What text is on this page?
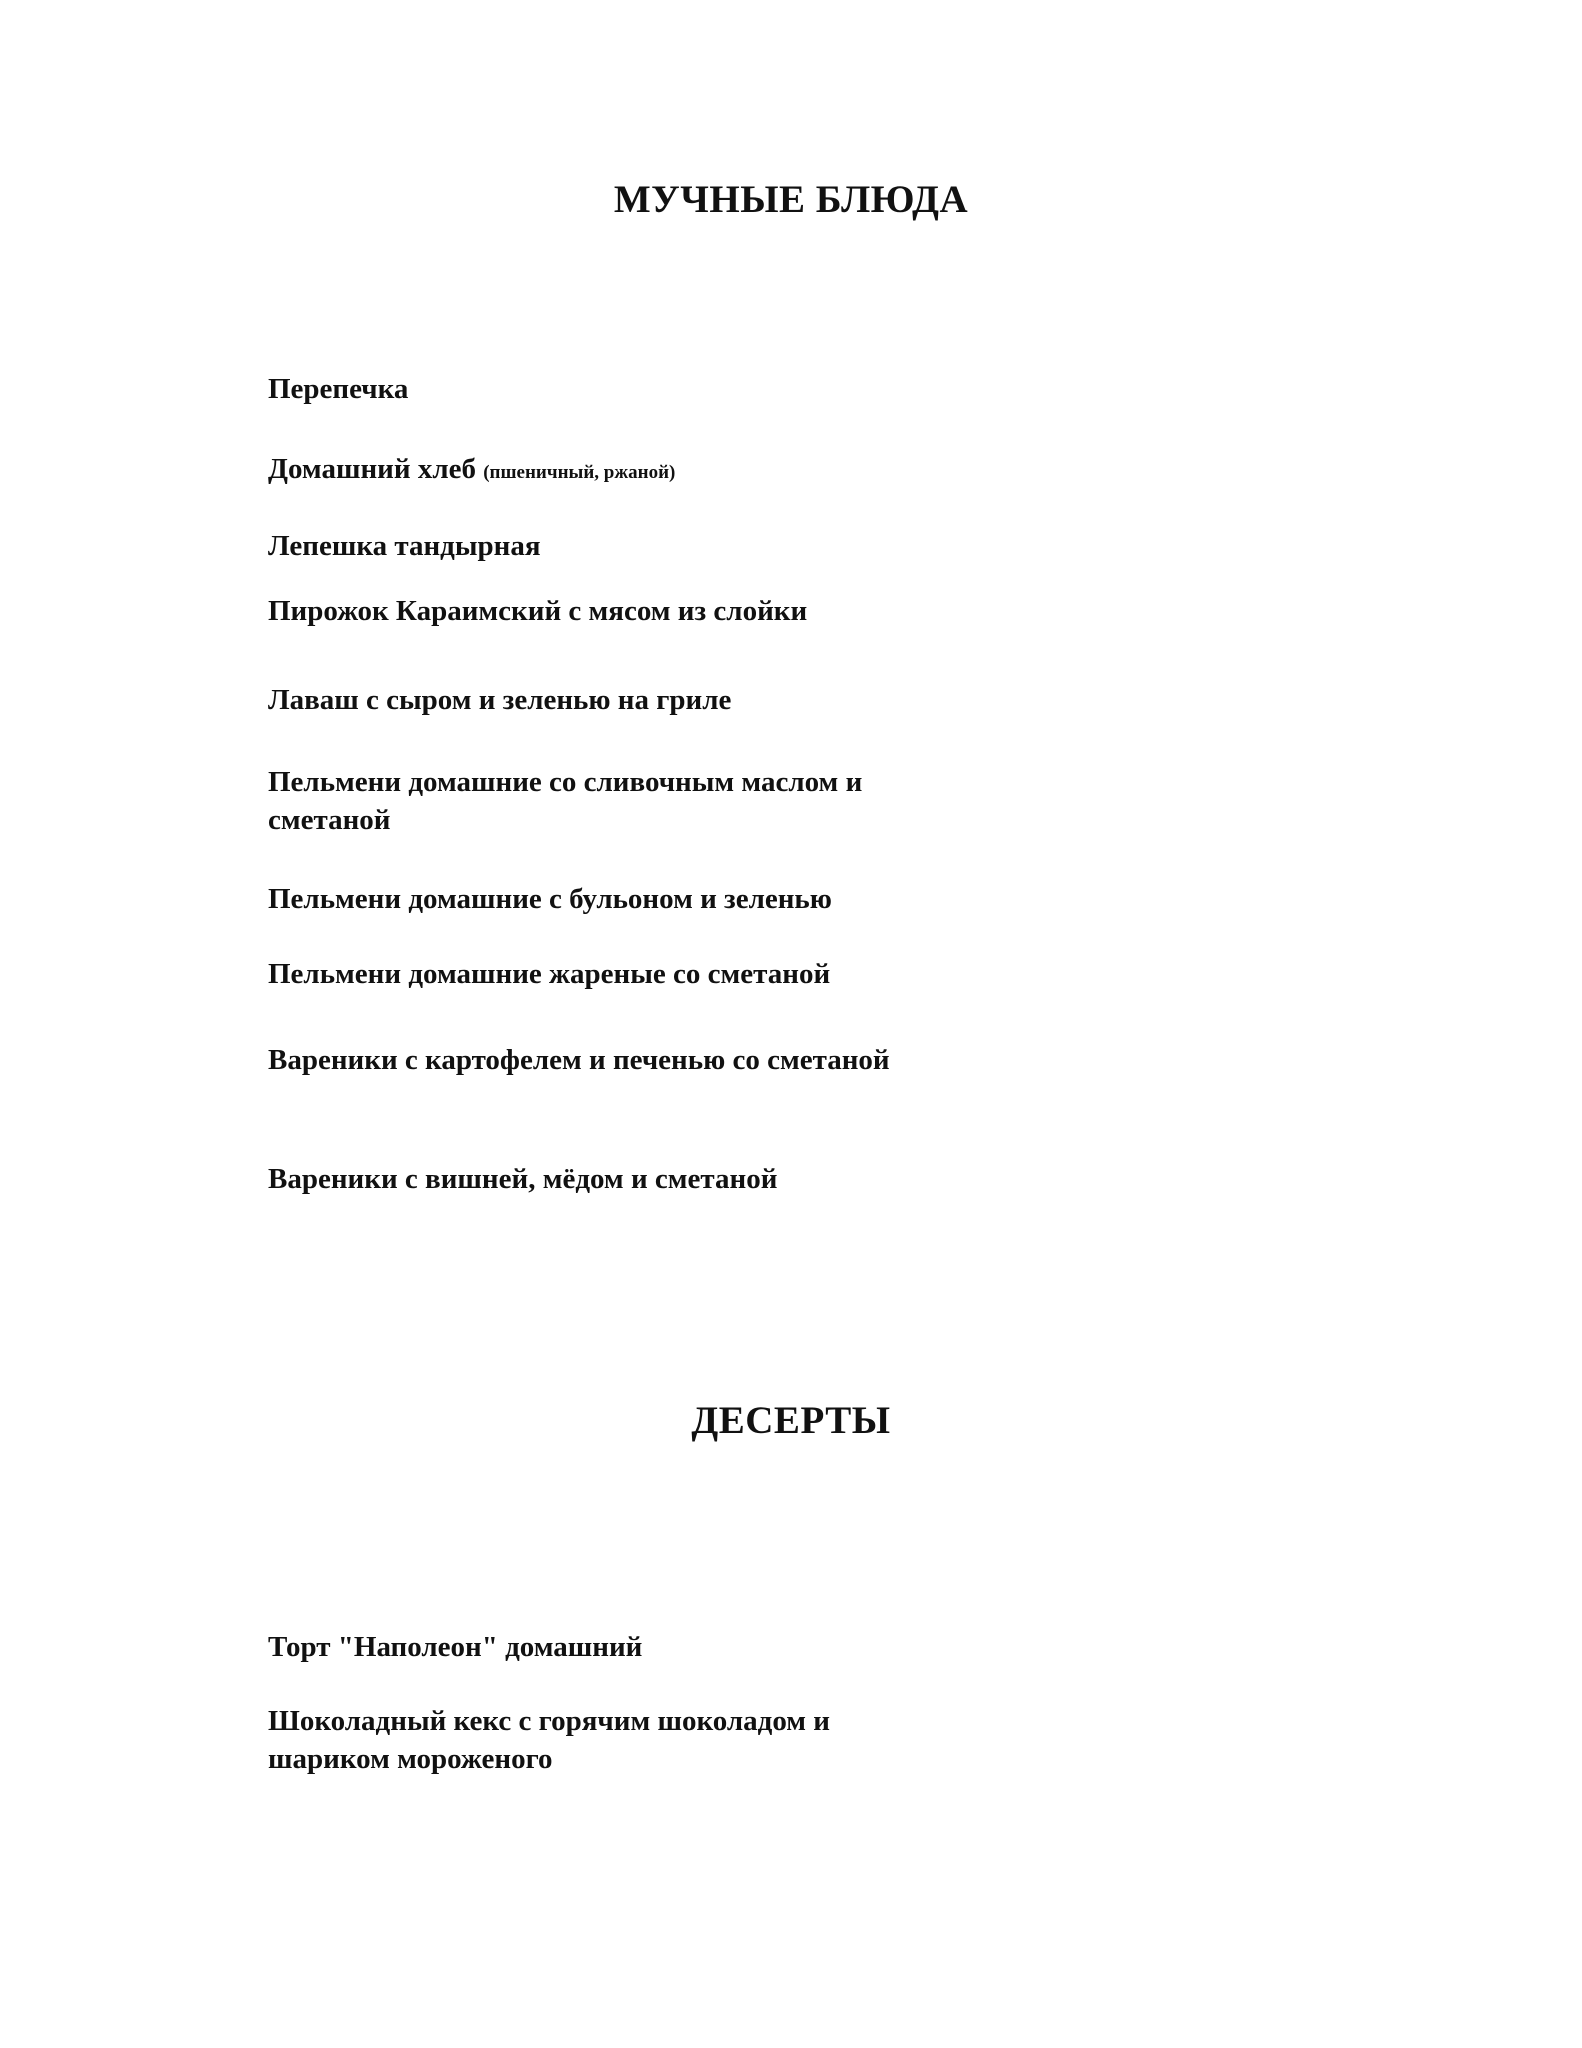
МУЧНЫЕ БЛЮДА

Перепечка

Домашний хлеб (пшеничный, ржаной)

Лепешка тандырная

Пирожок Караимский с мясом из слойки

Лаваш с сыром и зеленью на гриле

Пельмени домашние со сливочным маслом и сметаной

Пельмени домашние с бульоном и зеленью

Пельмени домашние жареные со сметаной

Вареники с картофелем и печенью со сметаной

Вареники с вишней, мёдом и сметаной

ДЕСЕРТЫ

Торт "Наполеон" домашний

Шоколадный кекс с горячим шоколадом и шариком мороженого
